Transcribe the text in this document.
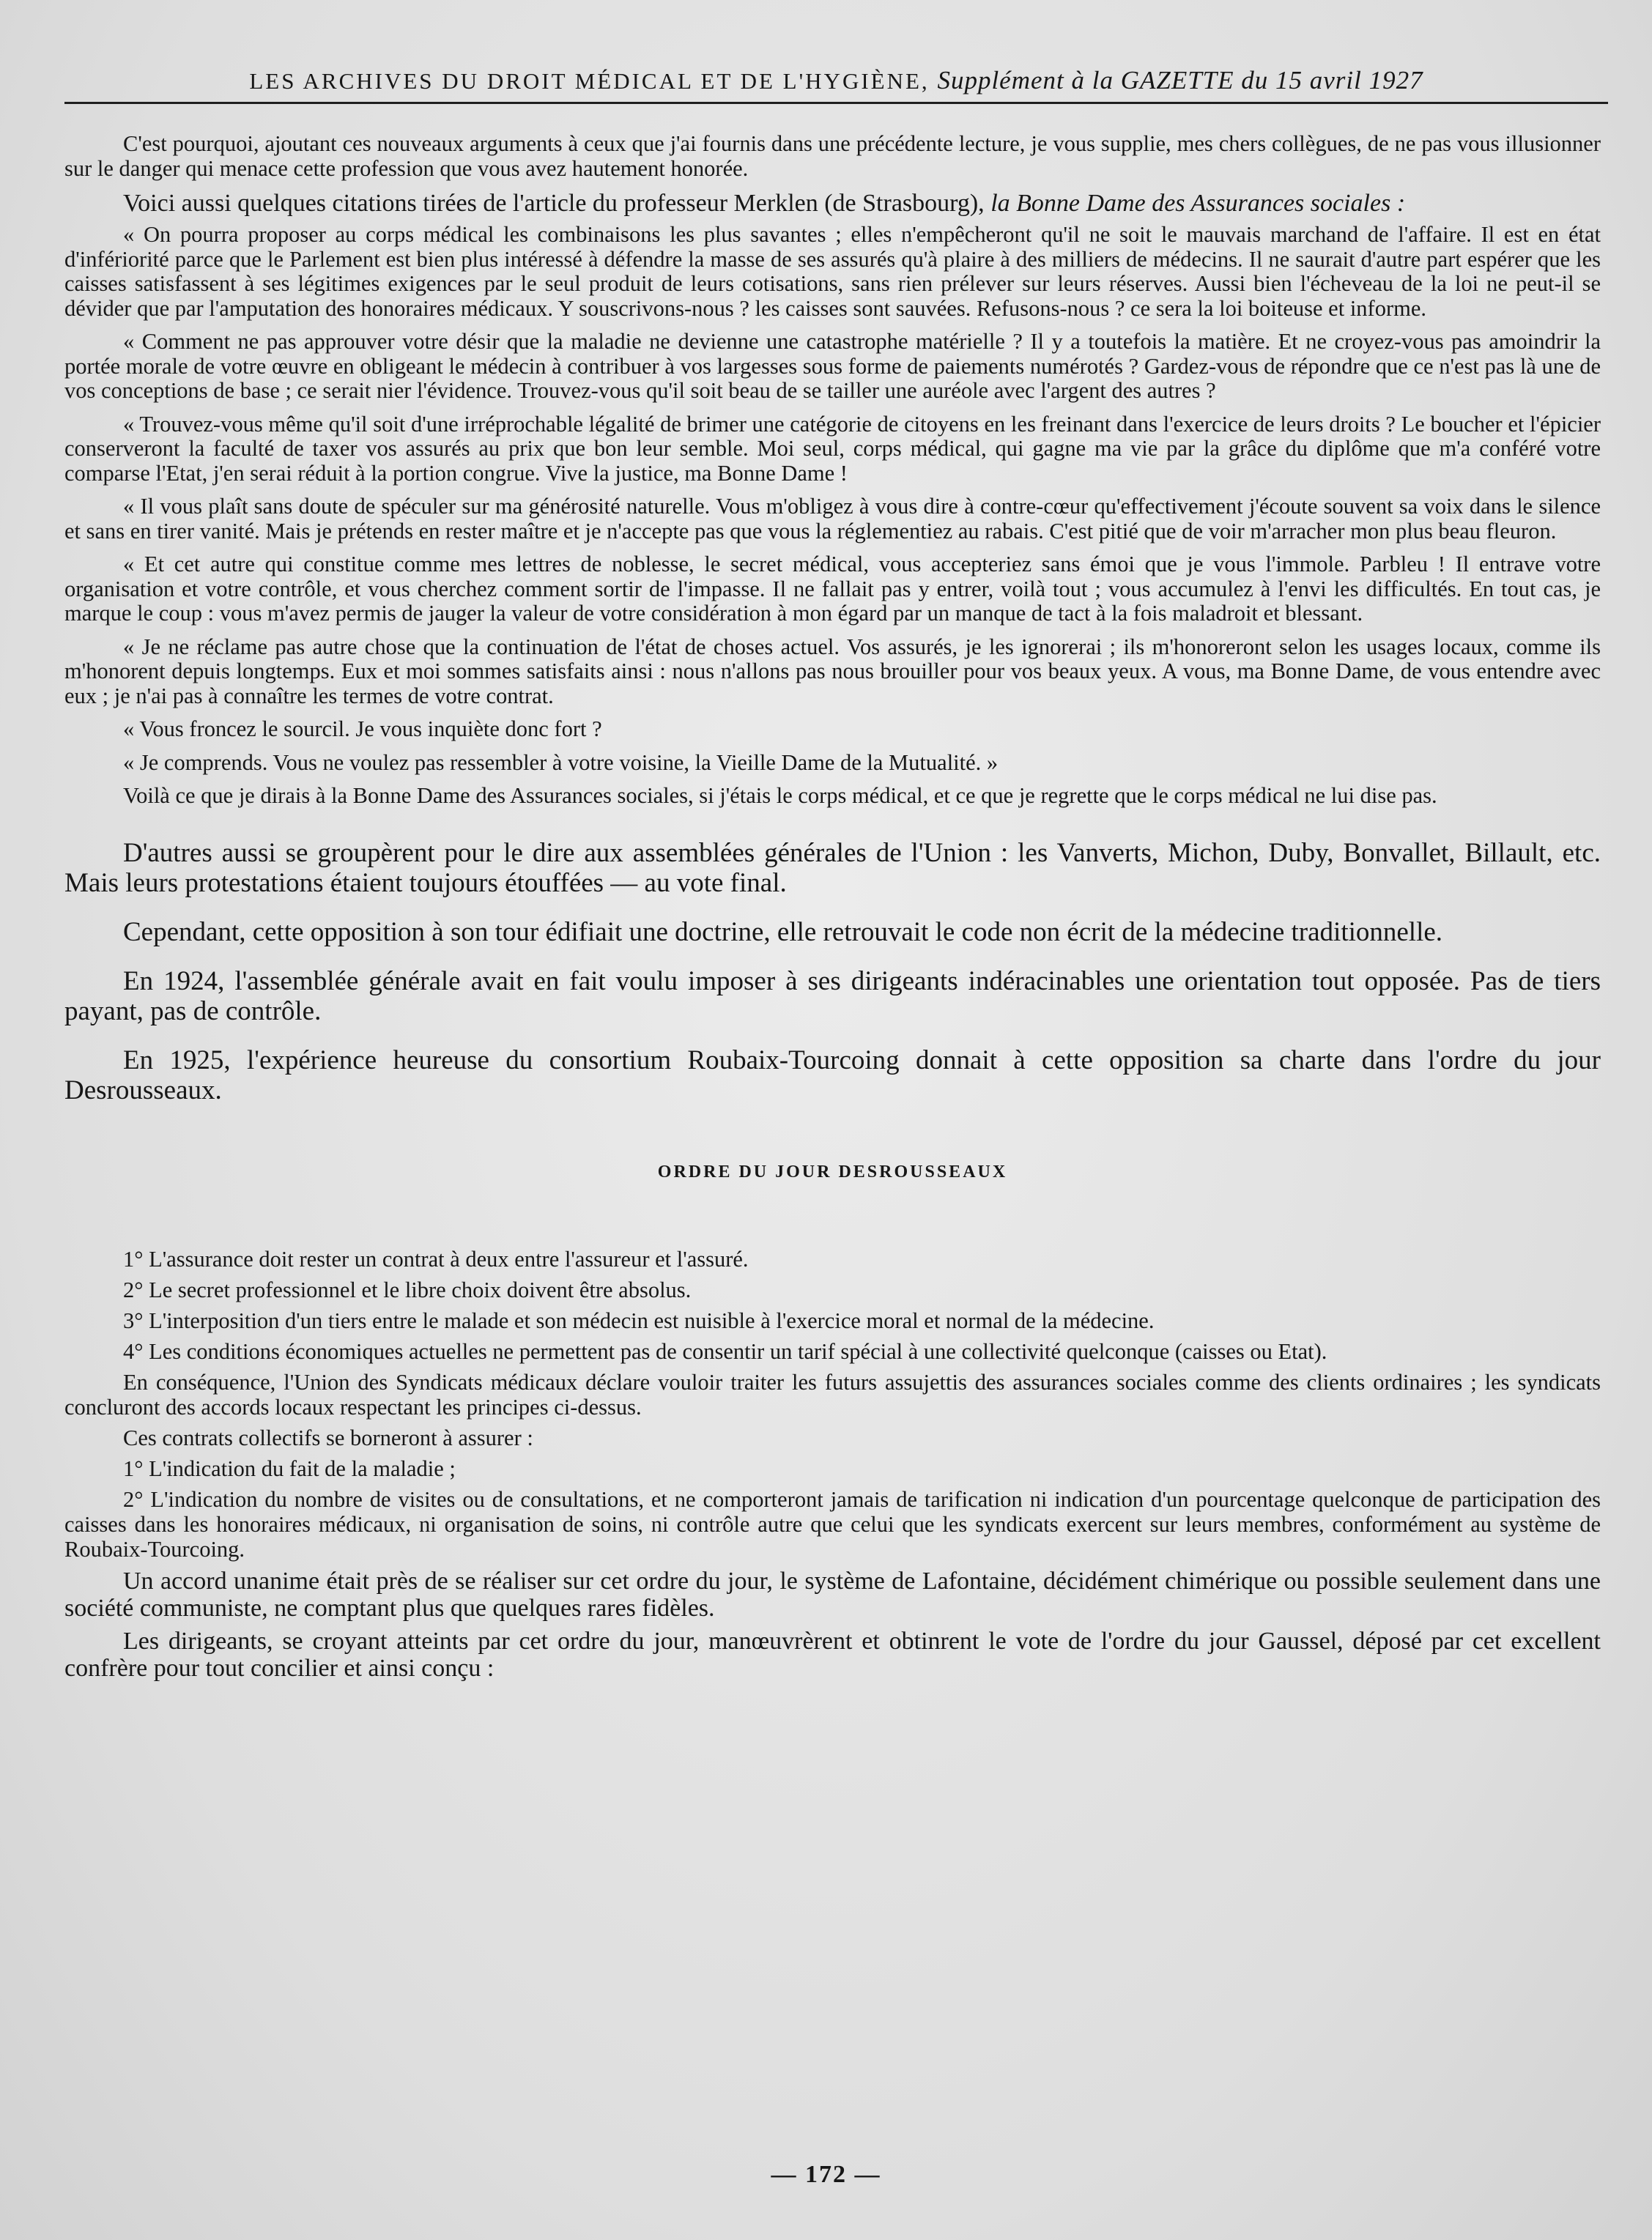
LES ARCHIVES DU DROIT MÉDICAL ET DE L'HYGIÈNE, Supplément à la GAZETTE du 15 avril 1927

C'est pourquoi, ajoutant ces nouveaux arguments à ceux que j'ai fournis dans une précédente lecture, je vous supplie, mes chers collègues, de ne pas vous illusionner sur le danger qui menace cette profession que vous avez hautement honorée.

Voici aussi quelques citations tirées de l'article du professeur Merklen (de Strasbourg), la Bonne Dame des Assurances sociales :

« On pourra proposer au corps médical les combinaisons les plus savantes ; elles n'empêcheront qu'il ne soit le mauvais marchand de l'affaire. Il est en état d'infériorité parce que le Parlement est bien plus intéressé à défendre la masse de ses assurés qu'à plaire à des milliers de médecins. Il ne saurait d'autre part espérer que les caisses satisfassent à ses légitimes exigences par le seul produit de leurs cotisations, sans rien prélever sur leurs réserves. Aussi bien l'écheveau de la loi ne peut-il se dévider que par l'amputation des honoraires médicaux. Y souscrivons-nous ? les caisses sont sauvées. Refusons-nous ? ce sera la loi boiteuse et informe.

« Comment ne pas approuver votre désir que la maladie ne devienne une catastrophe matérielle ? Il y a toutefois la matière. Et ne croyez-vous pas amoindrir la portée morale de votre œuvre en obligeant le médecin à contribuer à vos largesses sous forme de paiements numérotés ? Gardez-vous de répondre que ce n'est pas là une de vos conceptions de base ; ce serait nier l'évidence. Trouvez-vous qu'il soit beau de se tailler une auréole avec l'argent des autres ?

« Trouvez-vous même qu'il soit d'une irréprochable légalité de brimer une catégorie de citoyens en les freinant dans l'exercice de leurs droits ? Le boucher et l'épicier conserveront la faculté de taxer vos assurés au prix que bon leur semble. Moi seul, corps médical, qui gagne ma vie par la grâce du diplôme que m'a conféré votre comparse l'Etat, j'en serai réduit à la portion congrue. Vive la justice, ma Bonne Dame !

« Il vous plaît sans doute de spéculer sur ma générosité naturelle. Vous m'obligez à vous dire à contre-cœur qu'effectivement j'écoute souvent sa voix dans le silence et sans en tirer vanité. Mais je prétends en rester maître et je n'accepte pas que vous la réglementiez au rabais. C'est pitié que de voir m'arracher mon plus beau fleuron.

« Et cet autre qui constitue comme mes lettres de noblesse, le secret médical, vous accepteriez sans émoi que je vous l'immole. Parbleu ! Il entrave votre organisation et votre contrôle, et vous cherchez comment sortir de l'impasse. Il ne fallait pas y entrer, voilà tout ; vous accumulez à l'envi les difficultés. En tout cas, je marque le coup : vous m'avez permis de jauger la valeur de votre considération à mon égard par un manque de tact à la fois maladroit et blessant.

« Je ne réclame pas autre chose que la continuation de l'état de choses actuel. Vos assurés, je les ignorerai ; ils m'honoreront selon les usages locaux, comme ils m'honorent depuis longtemps. Eux et moi sommes satisfaits ainsi : nous n'allons pas nous brouiller pour vos beaux yeux. A vous, ma Bonne Dame, de vous entendre avec eux ; je n'ai pas à connaître les termes de votre contrat.

« Vous froncez le sourcil. Je vous inquiète donc fort ?

« Je comprends. Vous ne voulez pas ressembler à votre voisine, la Vieille Dame de la Mutualité. »

Voilà ce que je dirais à la Bonne Dame des Assurances sociales, si j'étais le corps médical, et ce que je regrette que le corps médical ne lui dise pas.

D'autres aussi se groupèrent pour le dire aux assemblées générales de l'Union : les Vanverts, Michon, Duby, Bonvallet, Billault, etc. Mais leurs protestations étaient toujours étouffées — au vote final.

Cependant, cette opposition à son tour édifiait une doctrine, elle retrouvait le code non écrit de la médecine traditionnelle.

En 1924, l'assemblée générale avait en fait voulu imposer à ses dirigeants indéracinables une orientation tout opposée. Pas de tiers payant, pas de contrôle.

En 1925, l'expérience heureuse du consortium Roubaix-Tourcoing donnait à cette opposition sa charte dans l'ordre du jour Desrousseaux.

ORDRE DU JOUR DESROUSSEAUX

1° L'assurance doit rester un contrat à deux entre l'assureur et l'assuré.

2° Le secret professionnel et le libre choix doivent être absolus.

3° L'interposition d'un tiers entre le malade et son médecin est nuisible à l'exercice moral et normal de la médecine.

4° Les conditions économiques actuelles ne permettent pas de consentir un tarif spécial à une collectivité quelconque (caisses ou Etat).

En conséquence, l'Union des Syndicats médicaux déclare vouloir traiter les futurs assujettis des assurances sociales comme des clients ordinaires ; les syndicats concluront des accords locaux respectant les principes ci-dessus.

Ces contrats collectifs se borneront à assurer :

1° L'indication du fait de la maladie ;

2° L'indication du nombre de visites ou de consultations, et ne comporteront jamais de tarification ni indication d'un pourcentage quelconque de participation des caisses dans les honoraires médicaux, ni organisation de soins, ni contrôle autre que celui que les syndicats exercent sur leurs membres, conformément au système de Roubaix-Tourcoing.

Un accord unanime était près de se réaliser sur cet ordre du jour, le système de Lafontaine, décidément chimérique ou possible seulement dans une société communiste, ne comptant plus que quelques rares fidèles.

Les dirigeants, se croyant atteints par cet ordre du jour, manœuvrèrent et obtinrent le vote de l'ordre du jour Gaussel, déposé par cet excellent confrère pour tout concilier et ainsi conçu :

— 172 —
